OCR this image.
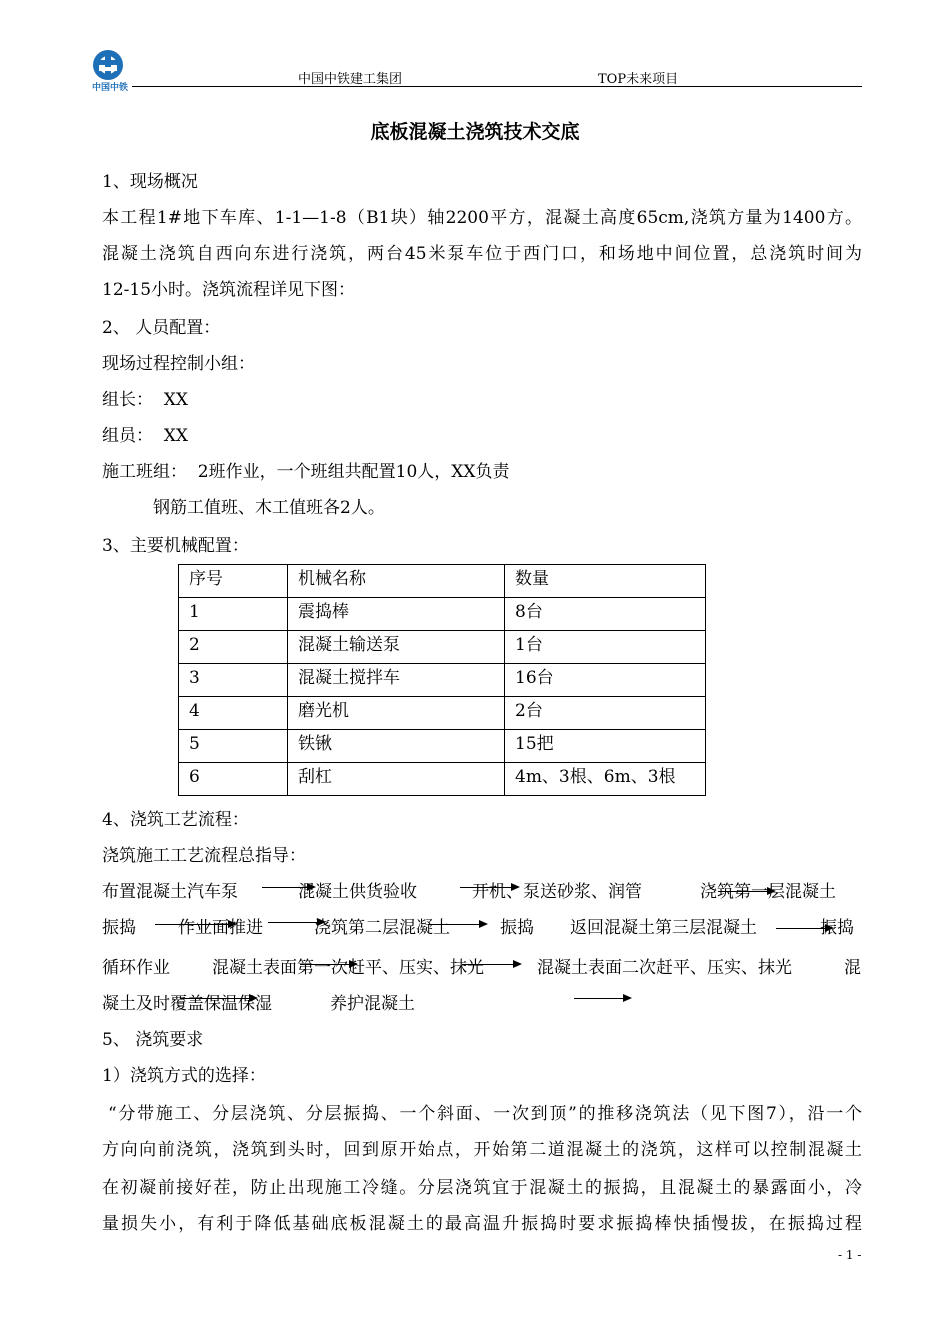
中国中铁
中国中铁建工集团	TOP未来项目
底板混凝土浇筑技术交底
1、现场概况
本工程1#地下车库、1-1—1-8（B1块）轴2200平方，混凝土高度65cm,浇筑方量为1400方。
混凝土浇筑自西向东进行浇筑，两台45米泵车位于西门口，和场地中间位置，总浇筑时间为
12-15小时。浇筑流程详见下图：
2、 人员配置：
现场过程控制小组：
组长：  XX
组员：  XX
施工班组：  2班作业，一个班组共配置10人，XX负责
钢筋工值班、木工值班各2人。
3、主要机械配置：
序号	机械名称	数量
1	震捣棒	8台
2	混凝土输送泵	1台
3	混凝土搅拌车	16台
4	磨光机	2台
5	铁锹	15把
6	刮杠	4m、3根、6m、3根
4、浇筑工艺流程：
浇筑施工工艺流程总指导：
布置混凝土汽车泵	混凝土供货验收	开机、泵送砂浆、润管	浇筑第一层混凝土
振捣 作业面推进	浇筑第二层混凝土	振捣 返回混凝土第三层混凝土	振捣
循环作业 混凝土表面第一次赶平、压实、抹光	混凝土表面二次赶平、压实、抹光	混
凝土及时覆盖保温保湿	养护混凝土
5、 浇筑要求
1）浇筑方式的选择：
“分带施工、分层浇筑、分层振捣、一个斜面、一次到顶”的推移浇筑法（见下图7），沿一个
方向向前浇筑，浇筑到头时，回到原开始点，开始第二道混凝土的浇筑，这样可以控制混凝土
在初凝前接好茬，防止出现施工冷缝。分层浇筑宜于混凝土的振捣，且混凝土的暴露面小，冷
量损失小，有利于降低基础底板混凝土的最高温升振捣时要求振捣棒快插慢拔，在振捣过程
- 1 -
